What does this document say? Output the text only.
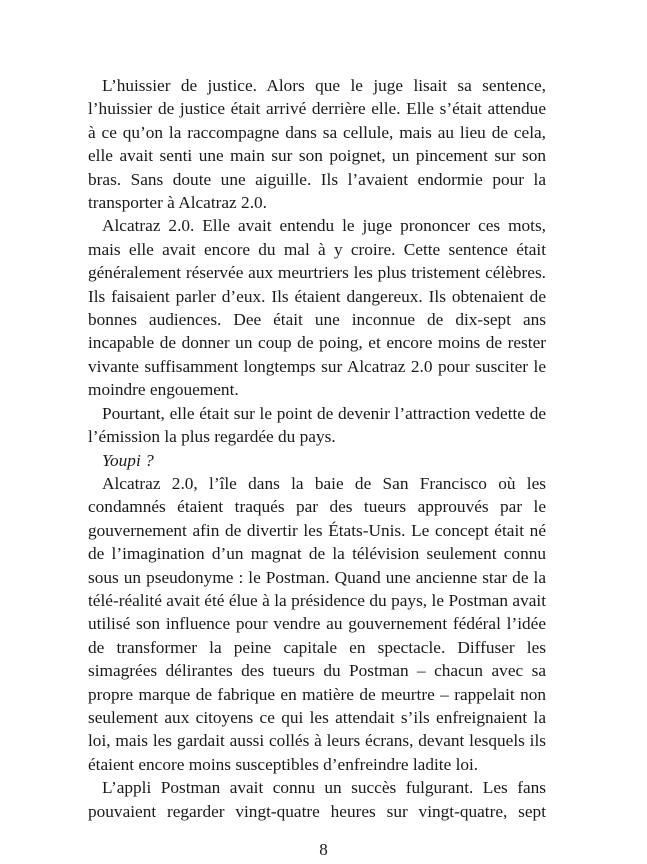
L’huissier de justice. Alors que le juge lisait sa sentence, l’huissier de justice était arrivé derrière elle. Elle s’était attendue à ce qu’on la raccompagne dans sa cellule, mais au lieu de cela, elle avait senti une main sur son poignet, un pincement sur son bras. Sans doute une aiguille. Ils l’avaient endormie pour la transporter à Alcatraz 2.0.

Alcatraz 2.0. Elle avait entendu le juge prononcer ces mots, mais elle avait encore du mal à y croire. Cette sentence était généralement réservée aux meurtriers les plus tristement célèbres. Ils faisaient parler d’eux. Ils étaient dangereux. Ils obtenaient de bonnes audiences. Dee était une inconnue de dix-sept ans incapable de donner un coup de poing, et encore moins de rester vivante suffisamment longtemps sur Alcatraz 2.0 pour susciter le moindre engouement.

Pourtant, elle était sur le point de devenir l’attraction vedette de l’émission la plus regardée du pays.

Youpi ?

Alcatraz 2.0, l’île dans la baie de San Francisco où les condamnés étaient traqués par des tueurs approuvés par le gouvernement afin de divertir les États-Unis. Le concept était né de l’imagination d’un magnat de la télévision seulement connu sous un pseudonyme : le Postman. Quand une ancienne star de la télé-réalité avait été élue à la présidence du pays, le Postman avait utilisé son influence pour vendre au gouvernement fédéral l’idée de transformer la peine capitale en spectacle. Diffuser les simagrées délirantes des tueurs du Postman – chacun avec sa propre marque de fabrique en matière de meurtre – rappelait non seulement aux citoyens ce qui les attendait s’ils enfreignaient la loi, mais les gardait aussi collés à leurs écrans, devant lesquels ils étaient encore moins susceptibles d’enfreindre ladite loi.

L’appli Postman avait connu un succès fulgurant. Les fans pouvaient regarder vingt-quatre heures sur vingt-quatre, sept

8
